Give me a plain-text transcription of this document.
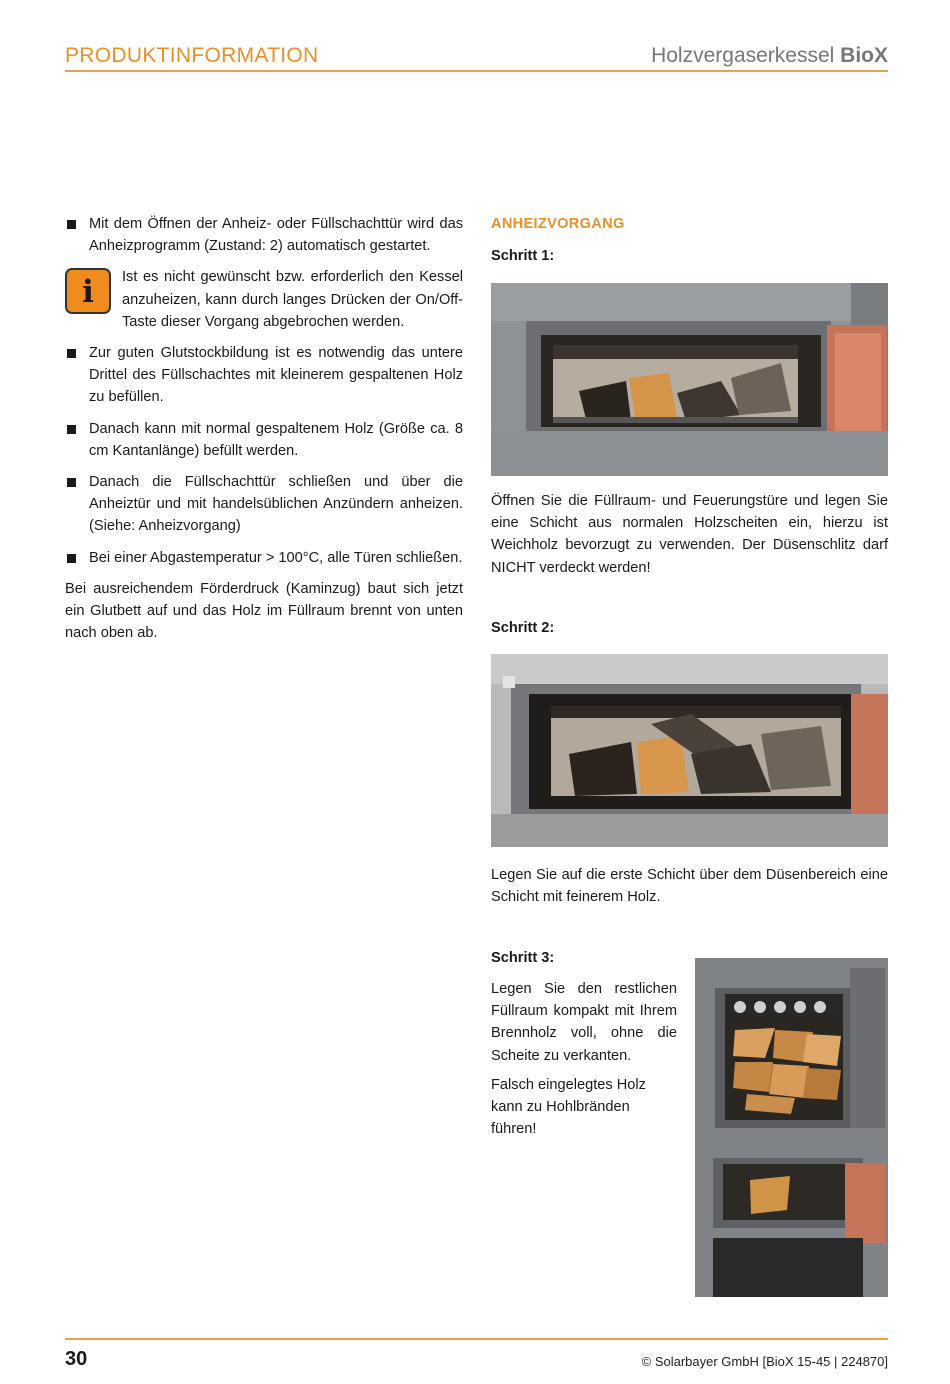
PRODUKTINFORMATION	Holzvergaserkessel BioX
Mit dem Öffnen der Anheiz- oder Füllschachttür wird das Anheizprogramm (Zustand: 2) automatisch gestartet.
i	Ist es nicht gewünscht bzw. erforderlich den Kessel anzuheizen, kann durch langes Drücken der On/Off-Taste dieser Vorgang abgebrochen werden.
Zur guten Glutstockbildung ist es notwendig das untere Drittel des Füllschachtes mit kleinerem gespaltenen Holz zu befüllen.
Danach kann mit normal gespaltenem Holz (Größe ca. 8 cm Kantanlänge) befüllt werden.
Danach die Füllschachttür schließen und über die Anheiztür und mit handelsüblichen Anzündern anheizen. (Siehe: Anheizvorgang)
Bei einer Abgastemperatur > 100°C, alle Türen schließen.
Bei ausreichendem Förderdruck (Kaminzug) baut sich jetzt ein Glutbett auf und das Holz im Füllraum brennt von unten nach oben ab.
ANHEIZVORGANG
Schritt 1:
Öffnen Sie die Füllraum- und Feuerungstüre und legen Sie eine Schicht aus normalen Holzscheiten ein, hierzu ist Weichholz bevorzugt zu verwenden. Der Düsenschlitz darf NICHT verdeckt werden!
Schritt 2:
Legen Sie auf die erste Schicht über dem Düsenbereich eine Schicht mit feinerem Holz.
Schritt 3:
Legen Sie den restlichen Füllraum kompakt mit Ihrem Brennholz voll, ohne die Scheite zu verkanten.
Falsch eingelegtes Holz kann zu Hohlbränden führen!
30	© Solarbayer GmbH [BioX 15-45 | 224870]
